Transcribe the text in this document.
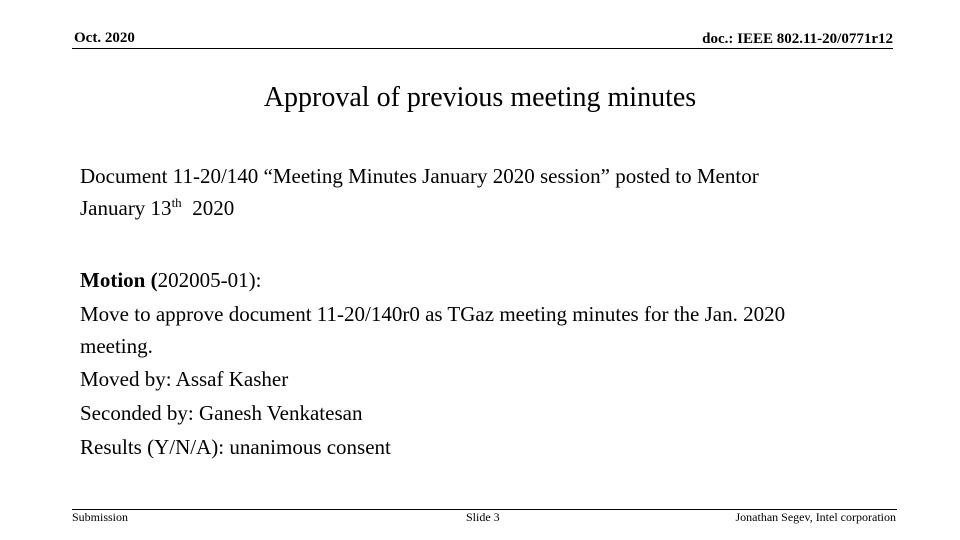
Oct. 2020	doc.: IEEE 802.11-20/0771r12
Approval of previous meeting minutes

Document 11-20/140 “Meeting Minutes January 2020 session” posted to Mentor

January 13th  2020

Motion (202005-01):

Move to approve document 11-20/140r0 as TGaz meeting minutes for the Jan. 2020 meeting.

Moved by: Assaf Kasher

Seconded by: Ganesh Venkatesan

Results (Y/N/A): unanimous consent

Submission	Slide 3	Jonathan Segev, Intel corporation
